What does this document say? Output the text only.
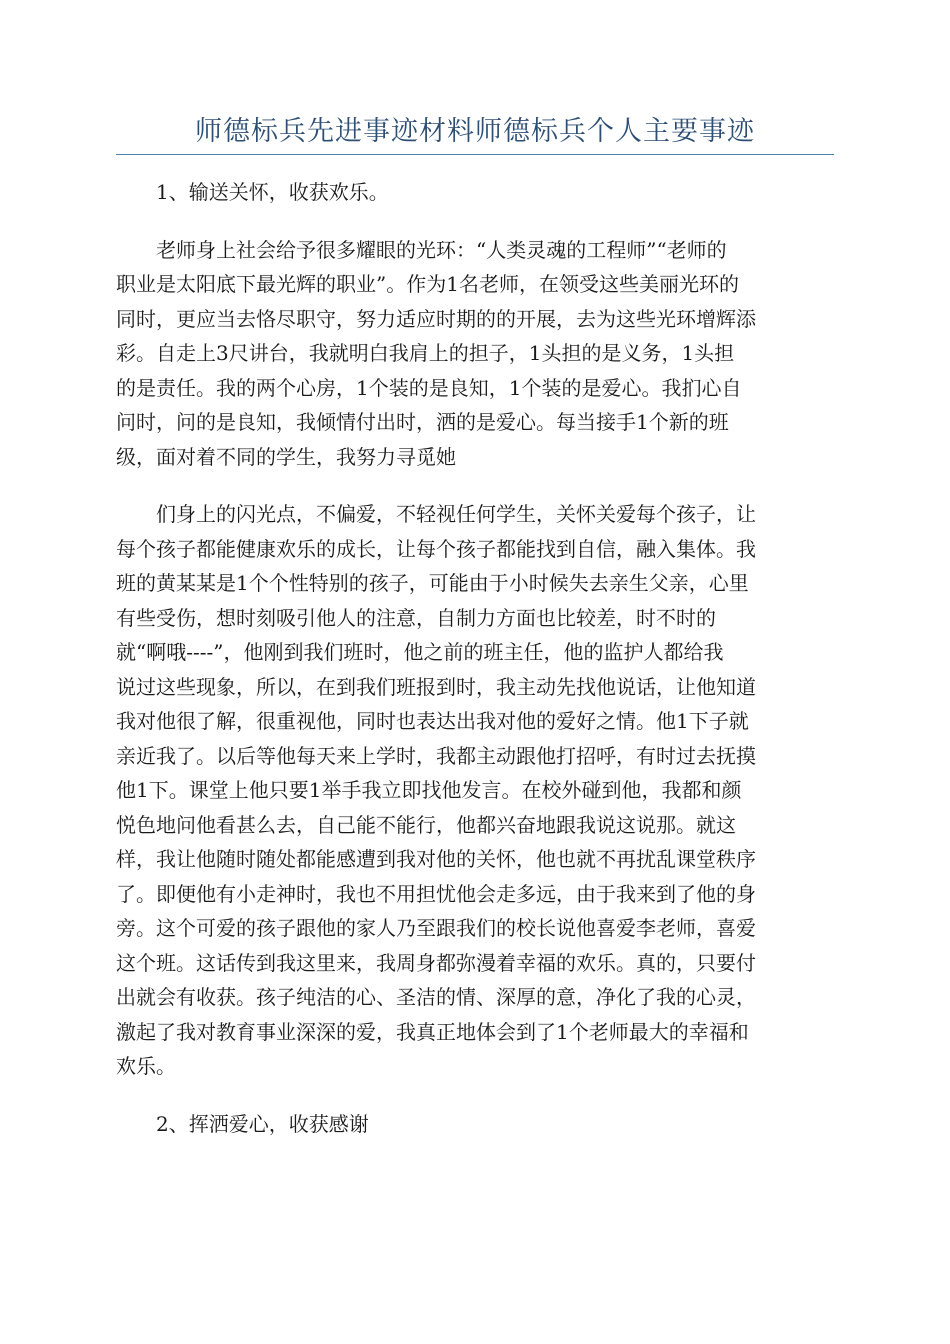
师德标兵先进事迹材料师德标兵个人主要事迹
1、输送关怀，收获欢乐。
老师身上社会给予很多耀眼的光环：“人类灵魂的工程师”“老师的
职业是太阳底下最光辉的职业”。作为1名老师，在领受这些美丽光环的
同时，更应当去恪尽职守，努力适应时期的的开展，去为这些光环增辉添
彩。自走上3尺讲台，我就明白我肩上的担子，1头担的是义务，1头担
的是责任。我的两个心房，1个装的是良知，1个装的是爱心。我扪心自
问时，问的是良知，我倾情付出时，洒的是爱心。每当接手1个新的班
级，面对着不同的学生，我努力寻觅她
们身上的闪光点，不偏爱，不轻视任何学生，关怀关爱每个孩子，让
每个孩子都能健康欢乐的成长，让每个孩子都能找到自信，融入集体。我
班的黄某某是1个个性特别的孩子，可能由于小时候失去亲生父亲，心里
有些受伤，想时刻吸引他人的注意，自制力方面也比较差，时不时的
就“啊哦----”，他刚到我们班时，他之前的班主任，他的监护人都给我
说过这些现象，所以，在到我们班报到时，我主动先找他说话，让他知道
我对他很了解，很重视他，同时也表达出我对他的爱好之情。他1下子就
亲近我了。以后等他每天来上学时，我都主动跟他打招呼，有时过去抚摸
他1下。课堂上他只要1举手我立即找他发言。在校外碰到他，我都和颜
悦色地问他看甚么去，自己能不能行，他都兴奋地跟我说这说那。就这
样，我让他随时随处都能感遭到我对他的关怀，他也就不再扰乱课堂秩序
了。即便他有小走神时，我也不用担忧他会走多远，由于我来到了他的身
旁。这个可爱的孩子跟他的家人乃至跟我们的校长说他喜爱李老师，喜爱
这个班。这话传到我这里来，我周身都弥漫着幸福的欢乐。真的，只要付
出就会有收获。孩子纯洁的心、圣洁的情、深厚的意，净化了我的心灵，
激起了我对教育事业深深的爱，我真正地体会到了1个老师最大的幸福和
欢乐。
2、挥洒爱心，收获感谢
